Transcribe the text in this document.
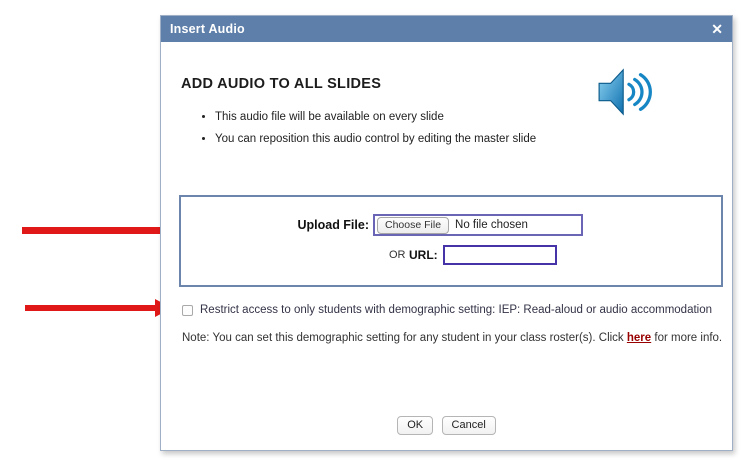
Insert Audio	✕
ADD AUDIO TO ALL SLIDES
• This audio file will be available on every slide
• You can reposition this audio control by editing the master slide
Upload File:	Choose File	No file chosen
OR URL:
Restrict access to only students with demographic setting: IEP: Read-aloud or audio accommodation
Note: You can set this demographic setting for any student in your class roster(s). Click here for more info.
OK	Cancel
